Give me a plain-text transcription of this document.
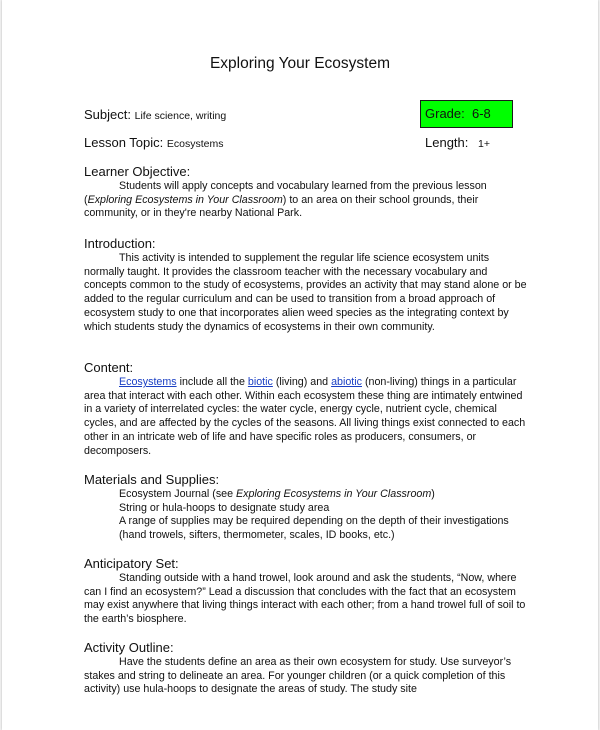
Exploring Your Ecosystem
Subject: Life science, writing	Grade: 6-8
Lesson Topic: Ecosystems	Length: 1+
Learner Objective:

Students will apply concepts and vocabulary learned from the previous lesson (Exploring Ecosystems in Your Classroom) to an area on their school grounds, their community, or in they're nearby National Park.

Introduction:

This activity is intended to supplement the regular life science ecosystem units normally taught. It provides the classroom teacher with the necessary vocabulary and concepts common to the study of ecosystems, provides an activity that may stand alone or be added to the regular curriculum and can be used to transition from a broad approach of ecosystem study to one that incorporates alien weed species as the integrating context by which students study the dynamics of ecosystems in their own community.

Content:

Ecosystems include all the biotic (living) and abiotic (non-living) things in a particular area that interact with each other. Within each ecosystem these thing are intimately entwined in a variety of interrelated cycles: the water cycle, energy cycle, nutrient cycle, chemical cycles, and are affected by the cycles of the seasons. All living things exist connected to each other in an intricate web of life and have specific roles as producers, consumers, or decomposers.

Materials and Supplies:
Ecosystem Journal (see Exploring Ecosystems in Your Classroom)
String or hula-hoops to designate study area
A range of supplies may be required depending on the depth of their investigations (hand trowels, sifters, thermometer, scales, ID books, etc.)
Anticipatory Set:

Standing outside with a hand trowel, look around and ask the students, “Now, where can I find an ecosystem?” Lead a discussion that concludes with the fact that an ecosystem may exist anywhere that living things interact with each other; from a hand trowel full of soil to the earth’s biosphere.

Activity Outline:

Have the students define an area as their own ecosystem for study. Use surveyor’s stakes and string to delineate an area. For younger children (or a quick completion of this activity) use hula-hoops to designate the areas of study. The study site
